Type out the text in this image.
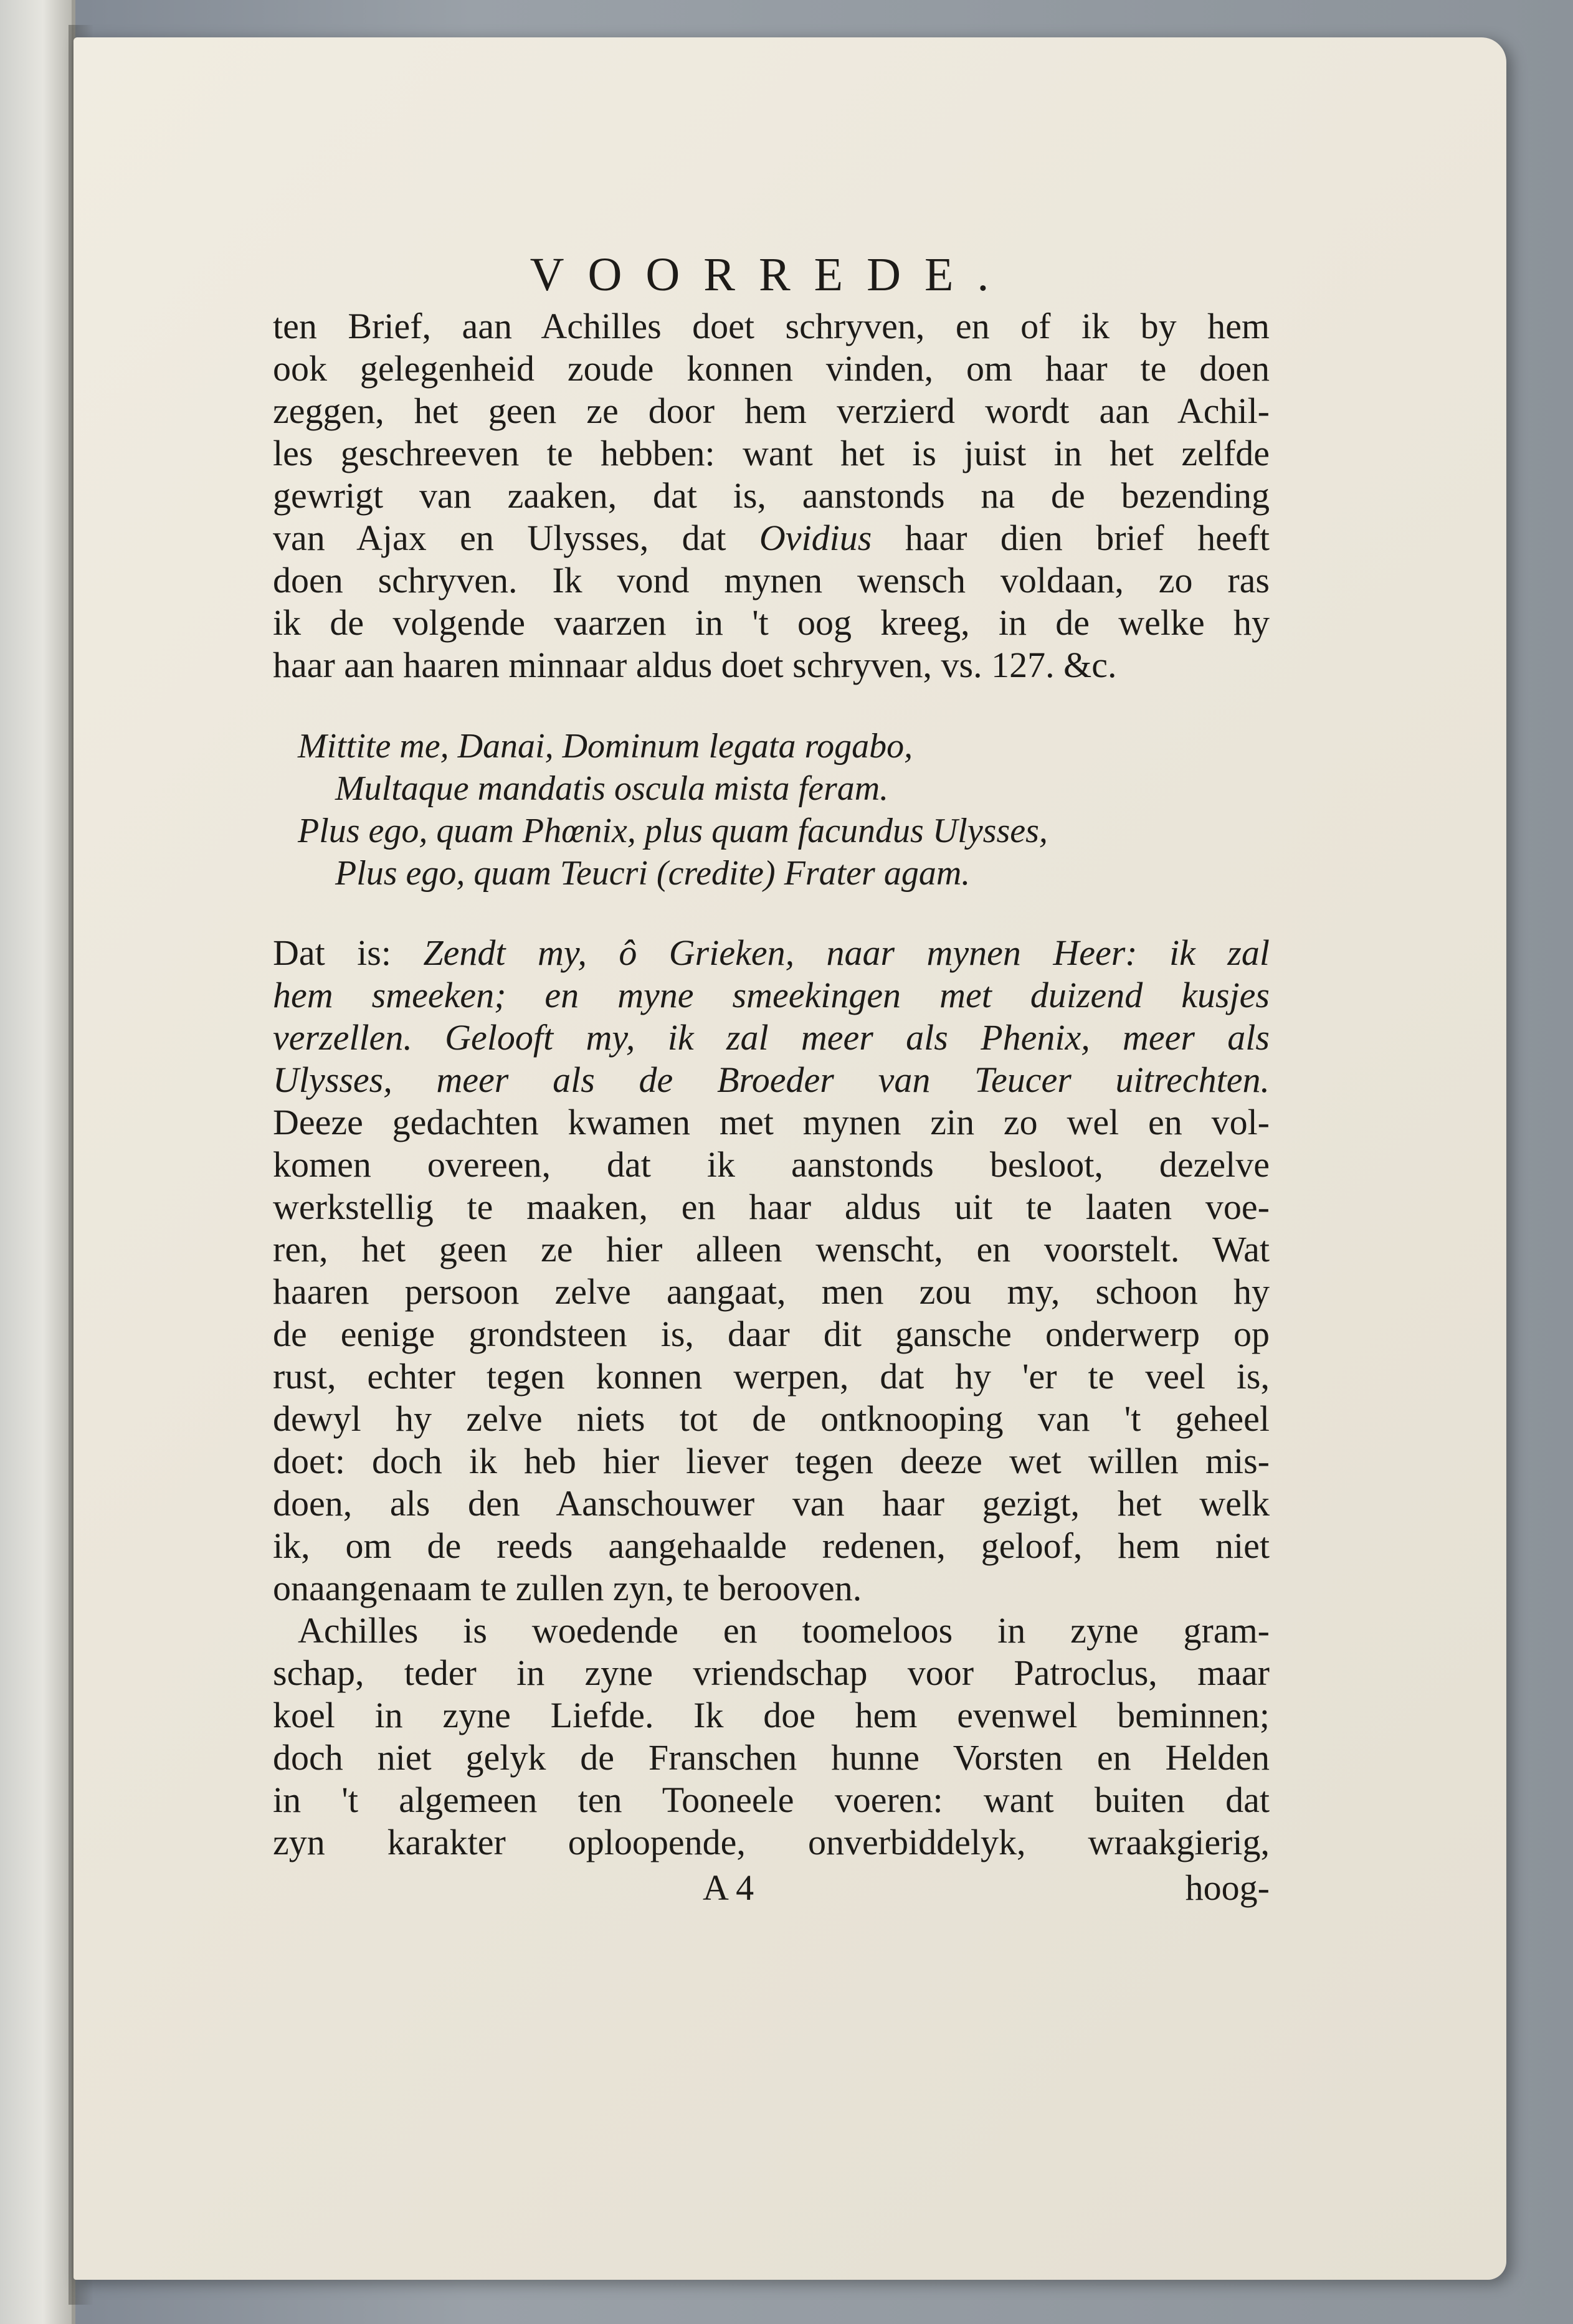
VOORREDE.
ten Brief, aan Achilles doet schryven, en of ik by hem
ook gelegenheid zoude konnen vinden, om haar te doen
zeggen, het geen ze door hem verzierd wordt aan Achil-
les geschreeven te hebben: want het is juist in het zelfde
gewrigt van zaaken, dat is, aanstonds na de bezending
van Ajax en Ulysses, dat Ovidius haar dien brief heeft
doen schryven. Ik vond mynen wensch voldaan, zo ras
ik de volgende vaarzen in 't oog kreeg, in de welke hy
haar aan haaren minnaar aldus doet schryven, vs. 127. &c.
Mittite me, Danai, Dominum legata rogabo,
Multaque mandatis oscula mista feram.
Plus ego, quam Phœnix, plus quam facundus Ulysses,
Plus ego, quam Teucri (credite) Frater agam.
Dat is: Zendt my, ô Grieken, naar mynen Heer: ik zal
hem smeeken; en myne smeekingen met duizend kusjes
verzellen. Gelooft my, ik zal meer als Phenix, meer als
Ulysses, meer als de Broeder van Teucer uitrechten.
Deeze gedachten kwamen met mynen zin zo wel en vol-
komen overeen, dat ik aanstonds besloot, dezelve
werkstellig te maaken, en haar aldus uit te laaten voe-
ren, het geen ze hier alleen wenscht, en voorstelt. Wat
haaren persoon zelve aangaat, men zou my, schoon hy
de eenige grondsteen is, daar dit gansche onderwerp op
rust, echter tegen konnen werpen, dat hy 'er te veel is,
dewyl hy zelve niets tot de ontknooping van 't geheel
doet: doch ik heb hier liever tegen deeze wet willen mis-
doen, als den Aanschouwer van haar gezigt, het welk
ik, om de reeds aangehaalde redenen, geloof, hem niet
onaangenaam te zullen zyn, te berooven.
Achilles is woedende en toomeloos in zyne gram-
schap, teder in zyne vriendschap voor Patroclus, maar
koel in zyne Liefde. Ik doe hem evenwel beminnen;
doch niet gelyk de Franschen hunne Vorsten en Helden
in 't algemeen ten Tooneele voeren: want buiten dat
zyn karakter oploopende, onverbiddelyk, wraakgierig,
A 4	hoog-
